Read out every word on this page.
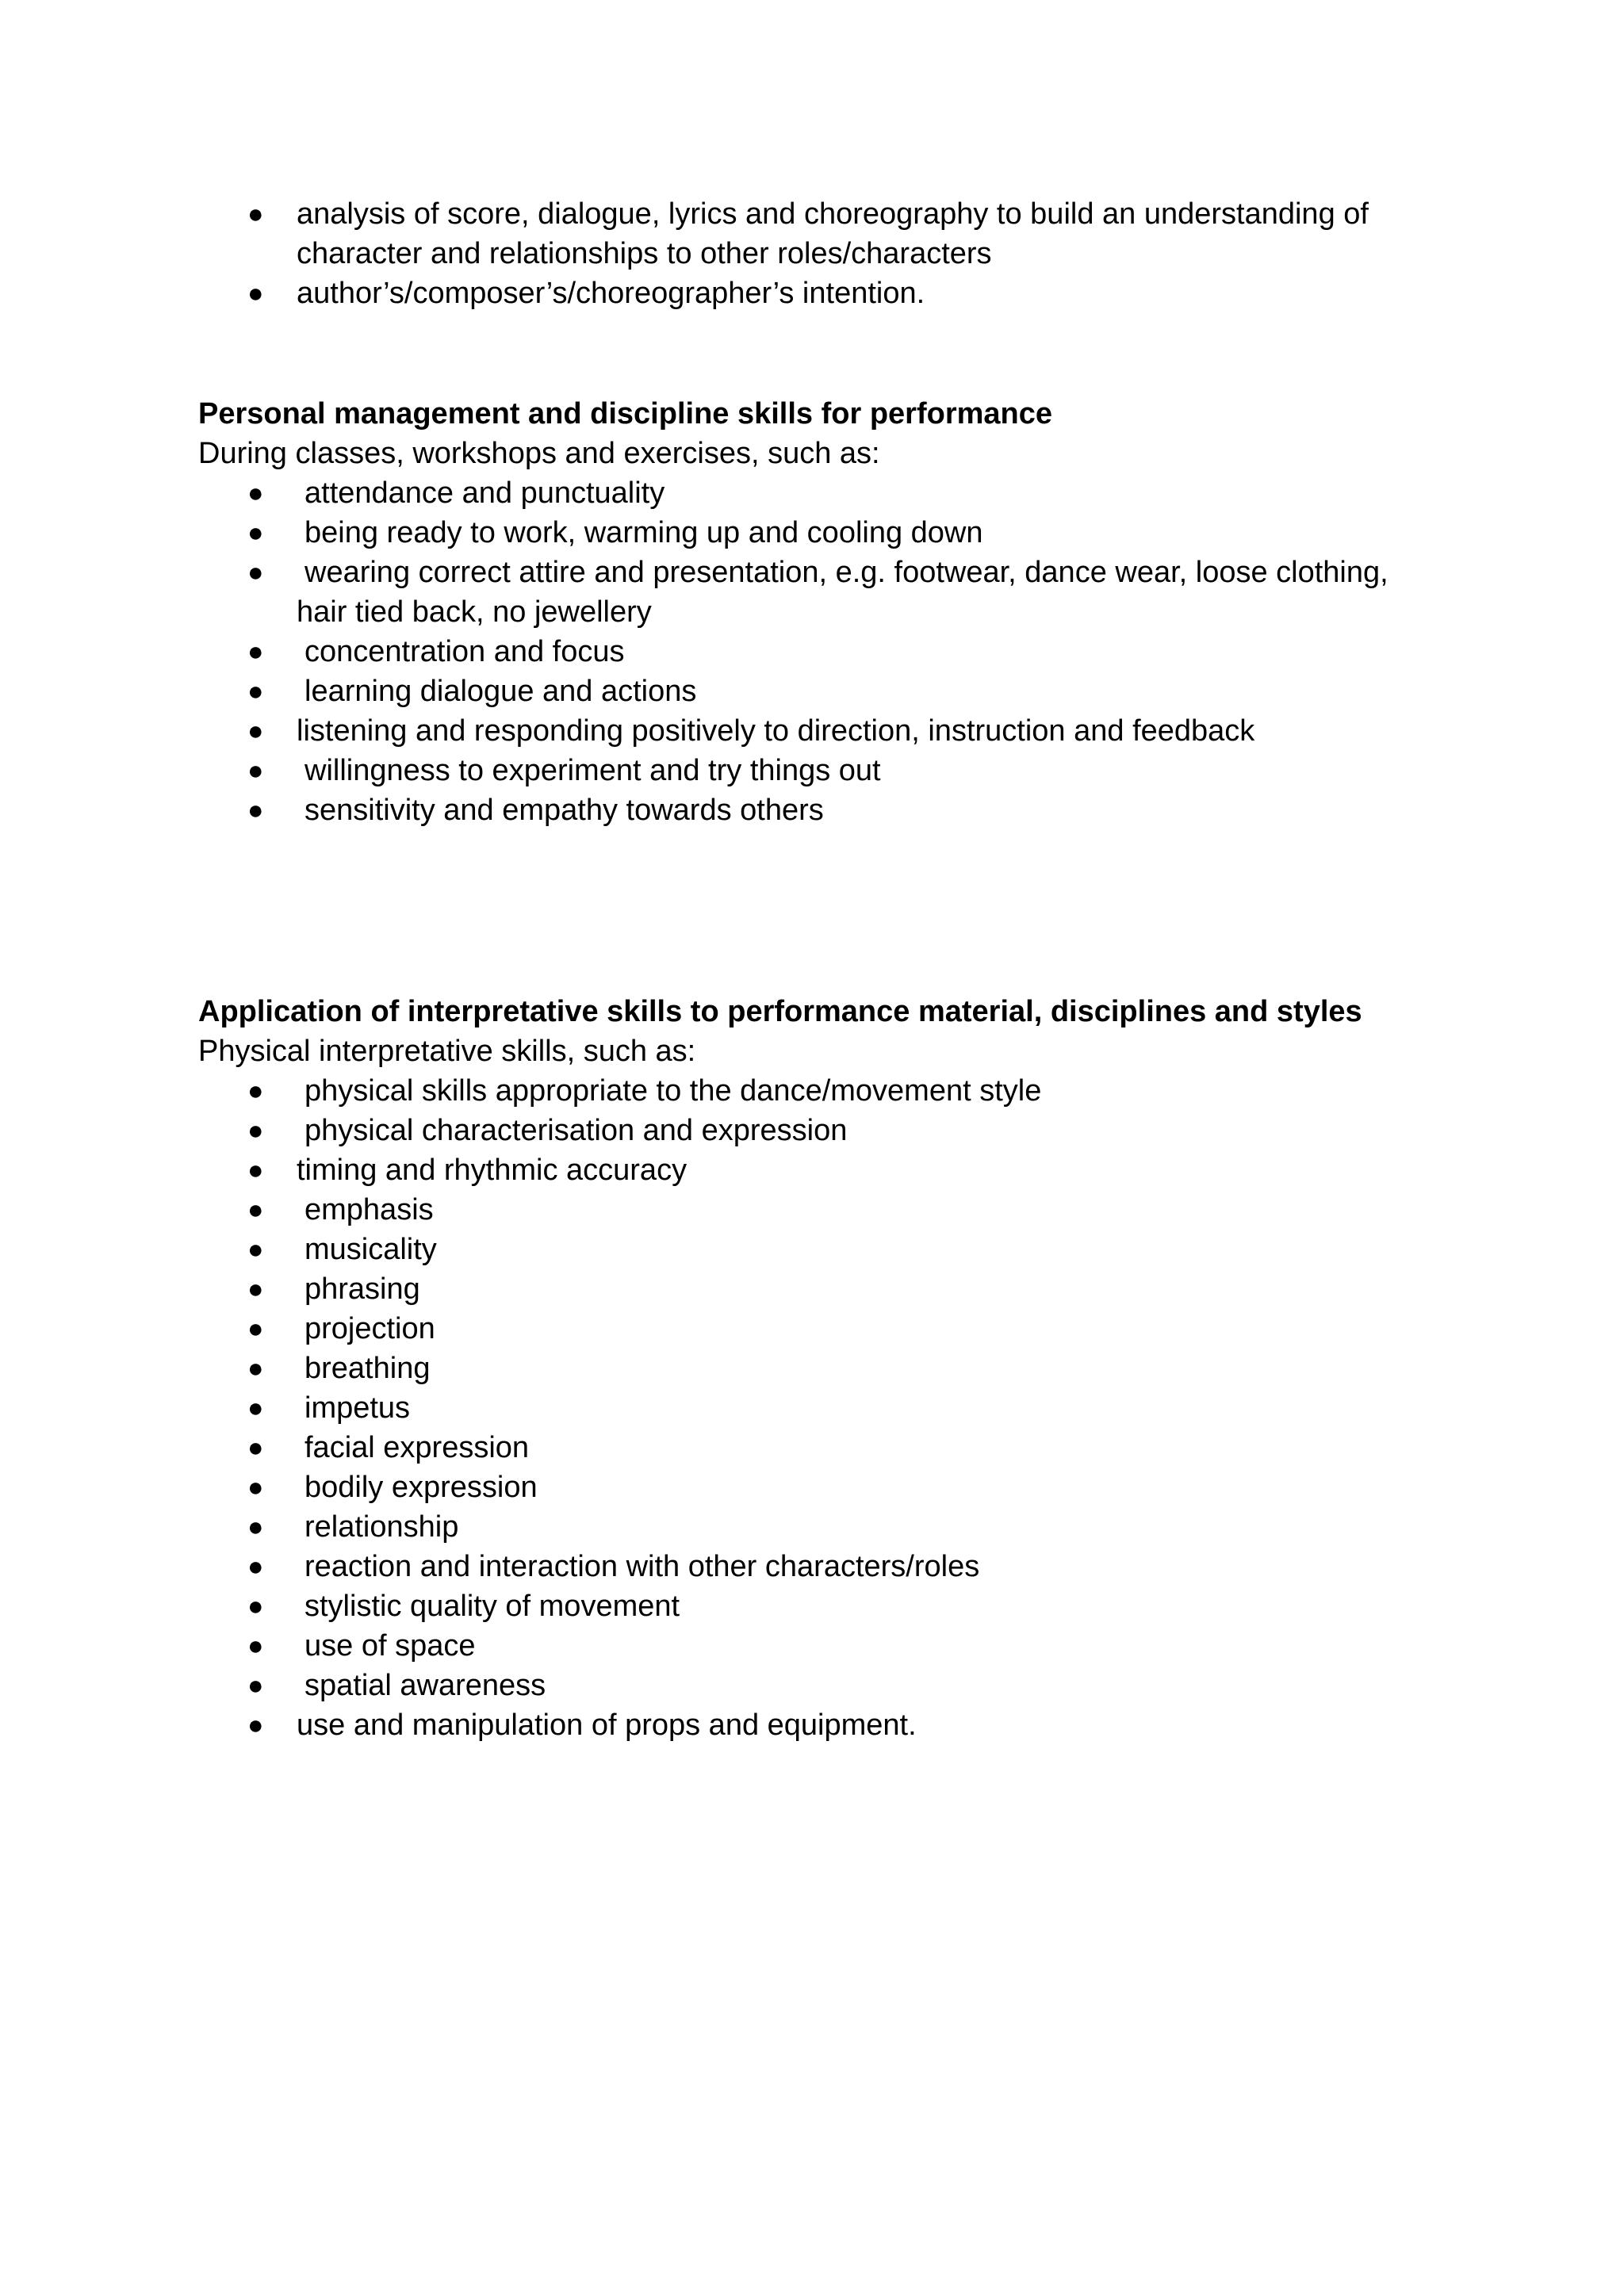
● analysis of score, dialogue, lyrics and choreography to build an understanding of character and relationships to other roles/characters
● author’s/composer’s/choreographer’s intention.

Personal management and discipline skills for performance

During classes, workshops and exercises, such as:

● attendance and punctuality
● being ready to work, warming up and cooling down
● wearing correct attire and presentation, e.g. footwear, dance wear, loose clothing, hair tied back, no jewellery
● concentration and focus
● learning dialogue and actions
● listening and responding positively to direction, instruction and feedback
● willingness to experiment and try things out
● sensitivity and empathy towards others

Application of interpretative skills to performance material, disciplines and styles

Physical interpretative skills, such as:

● physical skills appropriate to the dance/movement style
● physical characterisation and expression
● timing and rhythmic accuracy
● emphasis
● musicality
● phrasing
● projection
● breathing
● impetus
● facial expression
● bodily expression
● relationship
● reaction and interaction with other characters/roles
● stylistic quality of movement
● use of space
● spatial awareness
● use and manipulation of props and equipment.
